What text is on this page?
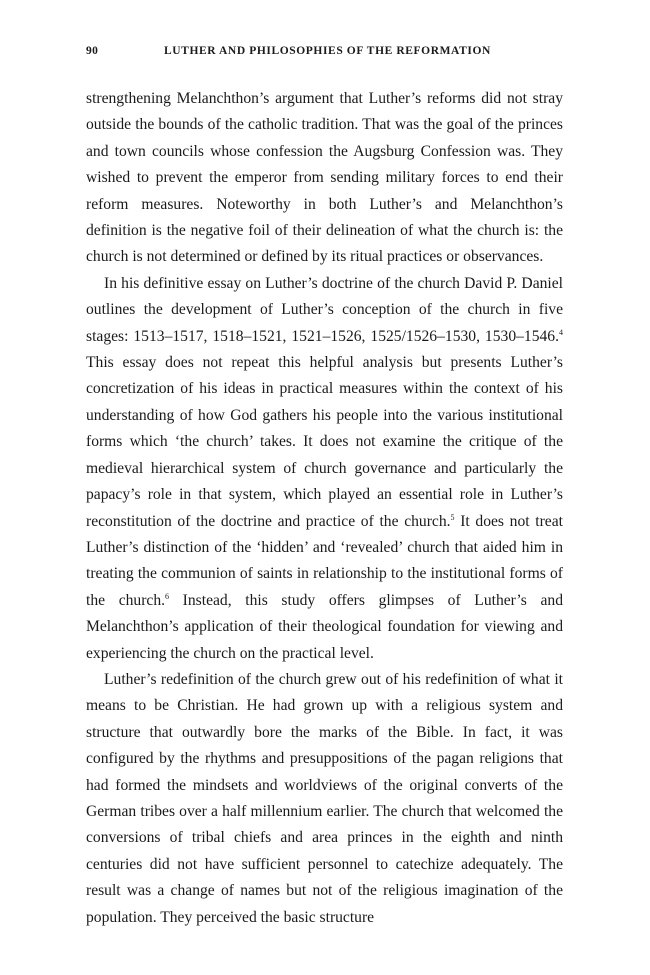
90	LUTHER AND PHILOSOPHIES OF THE REFORMATION

strengthening Melanchthon’s argument that Luther’s reforms did not stray outside the bounds of the catholic tradition. That was the goal of the princes and town councils whose confession the Augsburg Confession was. They wished to prevent the emperor from sending military forces to end their reform measures. Noteworthy in both Luther’s and Melanchthon’s definition is the negative foil of their delineation of what the church is: the church is not determined or defined by its ritual practices or observances.

In his definitive essay on Luther’s doctrine of the church David P. Daniel outlines the development of Luther’s conception of the church in five stages: 1513–1517, 1518–1521, 1521–1526, 1525/1526–1530, 1530–1546.$^4$ This essay does not repeat this helpful analysis but presents Luther’s concretization of his ideas in practical measures within the context of his understanding of how God gathers his people into the various institutional forms which ‘the church’ takes. It does not examine the critique of the medieval hierarchical system of church governance and particularly the papacy’s role in that system, which played an essential role in Luther’s reconstitution of the doctrine and practice of the church.$^5$ It does not treat Luther’s distinction of the ‘hidden’ and ‘revealed’ church that aided him in treating the communion of saints in relationship to the institutional forms of the church.$^6$ Instead, this study offers glimpses of Luther’s and Melanchthon’s application of their theological foundation for viewing and experiencing the church on the practical level.

Luther’s redefinition of the church grew out of his redefinition of what it means to be Christian. He had grown up with a religious system and structure that outwardly bore the marks of the Bible. In fact, it was configured by the rhythms and presuppositions of the pagan religions that had formed the mindsets and worldviews of the original converts of the German tribes over a half millennium earlier. The church that welcomed the conversions of tribal chiefs and area princes in the eighth and ninth centuries did not have sufficient personnel to catechize adequately. The result was a change of names but not of the religious imagination of the population. They perceived the basic structure
